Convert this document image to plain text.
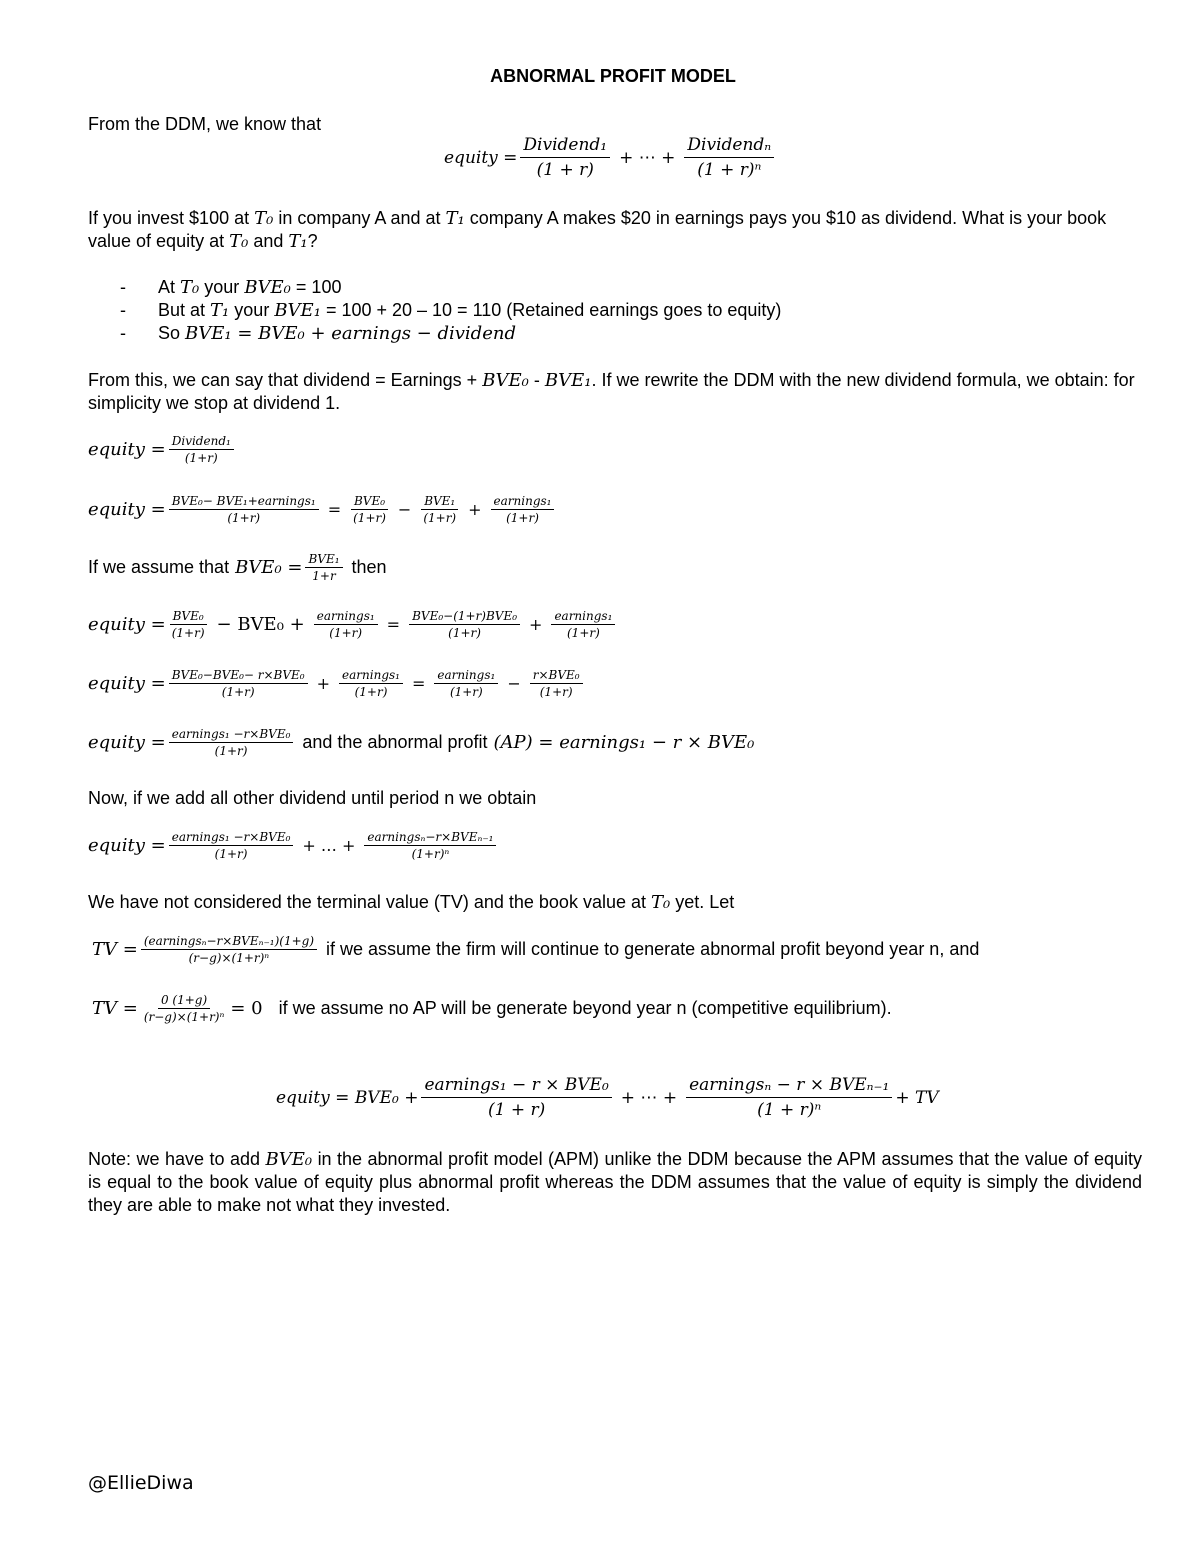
ABNORMAL PROFIT MODEL
From the DDM, we know that
equity = $\frac{\text{Dividend₁}}{(1 + r)}$ + ⋯ + $\frac{\text{Dividendₙ}}{\text{(1 + r)ⁿ}}$
If you invest $100 at T₀ in company A and at T₁ company A makes $20 in earnings pays you $10 as dividend. What is your book value of equity at T₀ and T₁?
- At T₀ your BVE₀ = 100
- But at T₁ your BVE₁ = 100 + 20 – 10 = 110 (Retained earnings goes to equity)
- So BVE₁ = BVE₀ + earnings − dividend
From this, we can say that dividend = Earnings + BVE₀ - BVE₁. If we rewrite the DDM with the new dividend formula, we obtain: for simplicity we stop at dividend 1.
equity = $\frac{\text{Dividend₁}}{(1+r)}$
equity = $\frac{\text{BVE₀− BVE₁+earnings₁}}{(1+r)} = \frac{\text{BVE₀}}{(1+r)} - \frac{\text{BVE₁}}{(1+r)} + \frac{\text{earnings₁}}{(1+r)}$
If we assume that $BVE_0 = \frac{\text{BVE₁}}{1+r}$ then
equity = $\frac{\text{BVE₀}}{(1+r)} - BVE_0 + \frac{\text{earnings₁}}{(1+r)} = \frac{\text{BVE₀−(1+r)BVE₀}}{(1+r)} + \frac{\text{earnings₁}}{(1+r)}$
equity = $\frac{\text{BVE₀−BVE₀− r×BVE₀}}{(1+r)} + \frac{\text{earnings₁}}{(1+r)} = \frac{\text{earnings₁}}{(1+r)} - \frac{\text{r×BVE₀}}{(1+r)}$
equity = $\frac{\text{earnings₁ −r×BVE₀}}{(1+r)}$ and the abnormal profit (AP) = earnings₁ − r × BVE₀
Now, if we add all other dividend until period n we obtain
equity = $\frac{\text{earnings₁ −r×BVE₀}}{(1+r)}$ + … + $\frac{\text{earningsₙ−r×BVEₙ₋₁}}{\text{(1+r)ⁿ}}$
We have not considered the terminal value (TV) and the book value at T₀ yet. Let
TV = $\frac{\text{(earningsₙ−r×BVEₙ₋₁)(1+g)}}{\text{(r−g)×(1+r)ⁿ}}$ if we assume the firm will continue to generate abnormal profit beyond year n, and
TV = $\frac{0 (1+g)}{\text{(r−g)×(1+r)ⁿ}} = 0$ if we assume no AP will be generate beyond year n (competitive equilibrium).
equity = $BVE_0 + \frac{\text{earnings₁ − r × BVE₀}}{(1 + r)}$ + ⋯ + $\frac{\text{earningsₙ − r × BVEₙ₋₁}}{\text{(1 + r)ⁿ}}$ + TV
Note: we have to add BVE₀ in the abnormal profit model (APM) unlike the DDM because the APM assumes that the value of equity is equal to the book value of equity plus abnormal profit whereas the DDM assumes that the value of equity is simply the dividend they are able to make not what they invested.
@EllieDiwa
